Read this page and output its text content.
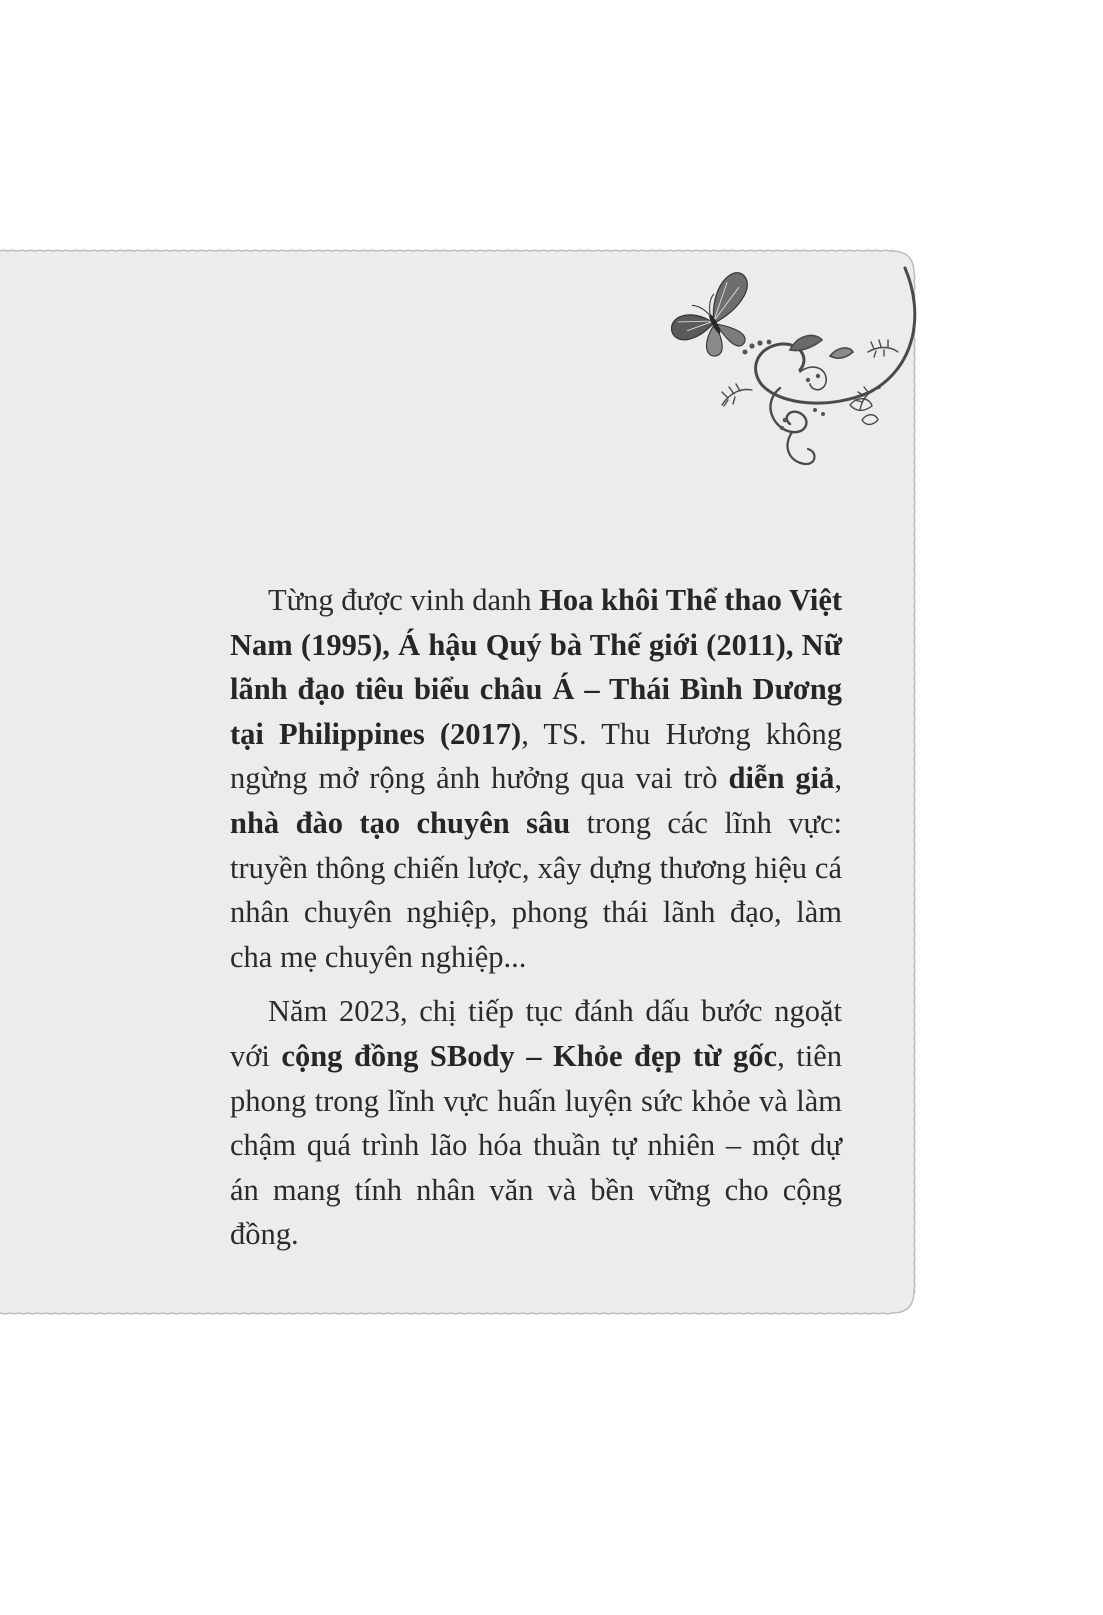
Từng được vinh danh Hoa khôi Thể thao Việt Nam (1995), Á hậu Quý bà Thế giới (2011), Nữ lãnh đạo tiêu biểu châu Á – Thái Bình Dương tại Philippines (2017), TS. Thu Hương không ngừng mở rộng ảnh hưởng qua vai trò diễn giả, nhà đào tạo chuyên sâu trong các lĩnh vực: truyền thông chiến lược, xây dựng thương hiệu cá nhân chuyên nghiệp, phong thái lãnh đạo, làm cha mẹ chuyên nghiệp...

Năm 2023, chị tiếp tục đánh dấu bước ngoặt với cộng đồng SBody – Khỏe đẹp từ gốc, tiên phong trong lĩnh vực huấn luyện sức khỏe và làm chậm quá trình lão hóa thuần tự nhiên – một dự án mang tính nhân văn và bền vững cho cộng đồng.
